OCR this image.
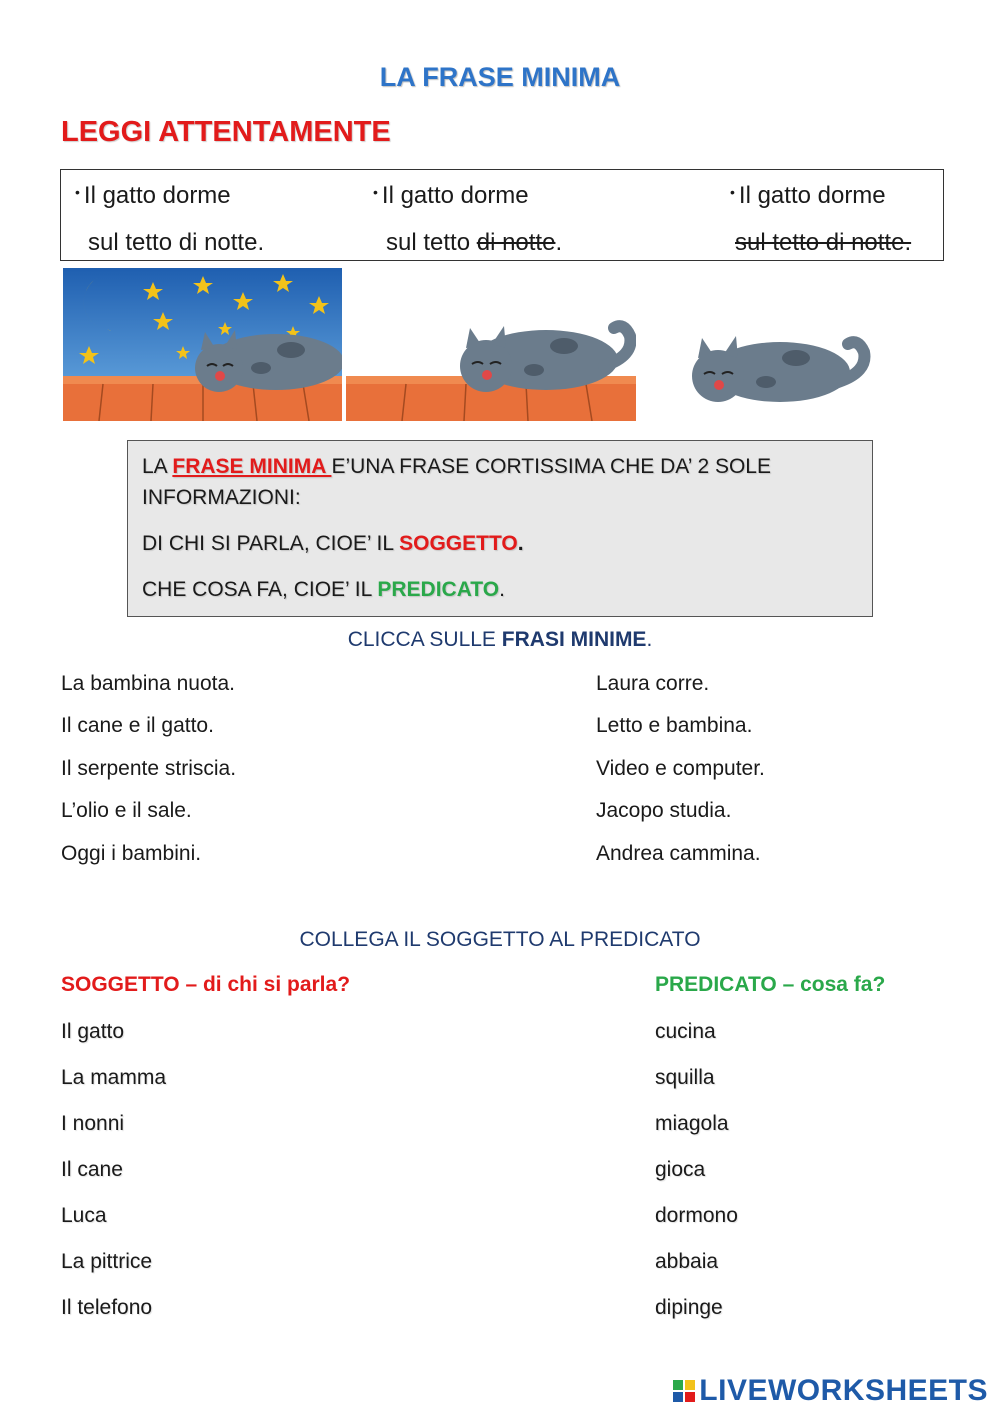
LA FRASE MINIMA
LEGGI ATTENTAMENTE
• Il gatto dorme
sul tetto di notte.
• Il gatto dorme
sul tetto di notte.
• Il gatto dorme
sul tetto di notte.

LA FRASE MINIMA E’UNA FRASE CORTISSIMA CHE DA’ 2 SOLE INFORMAZIONI:

DI CHI SI PARLA, CIOE’ IL SOGGETTO.

CHE COSA FA, CIOE’ IL PREDICATO.

CLICCA SULLE FRASI MINIME.
La bambina nuota.
Il cane e il gatto.
Il serpente striscia.
L’olio e il sale.
Oggi i bambini.
Laura corre.
Letto e bambina.
Video e computer.
Jacopo studia.
Andrea cammina.
COLLEGA IL SOGGETTO AL PREDICATO
SOGGETTO – di chi si parla?	PREDICATO – cosa fa?
Il gatto
La mamma
I nonni
Il cane
Luca
La pittrice
Il telefono
cucina
squilla
miagola
gioca
dormono
abbaia
dipinge
LIVEWORKSHEETS
